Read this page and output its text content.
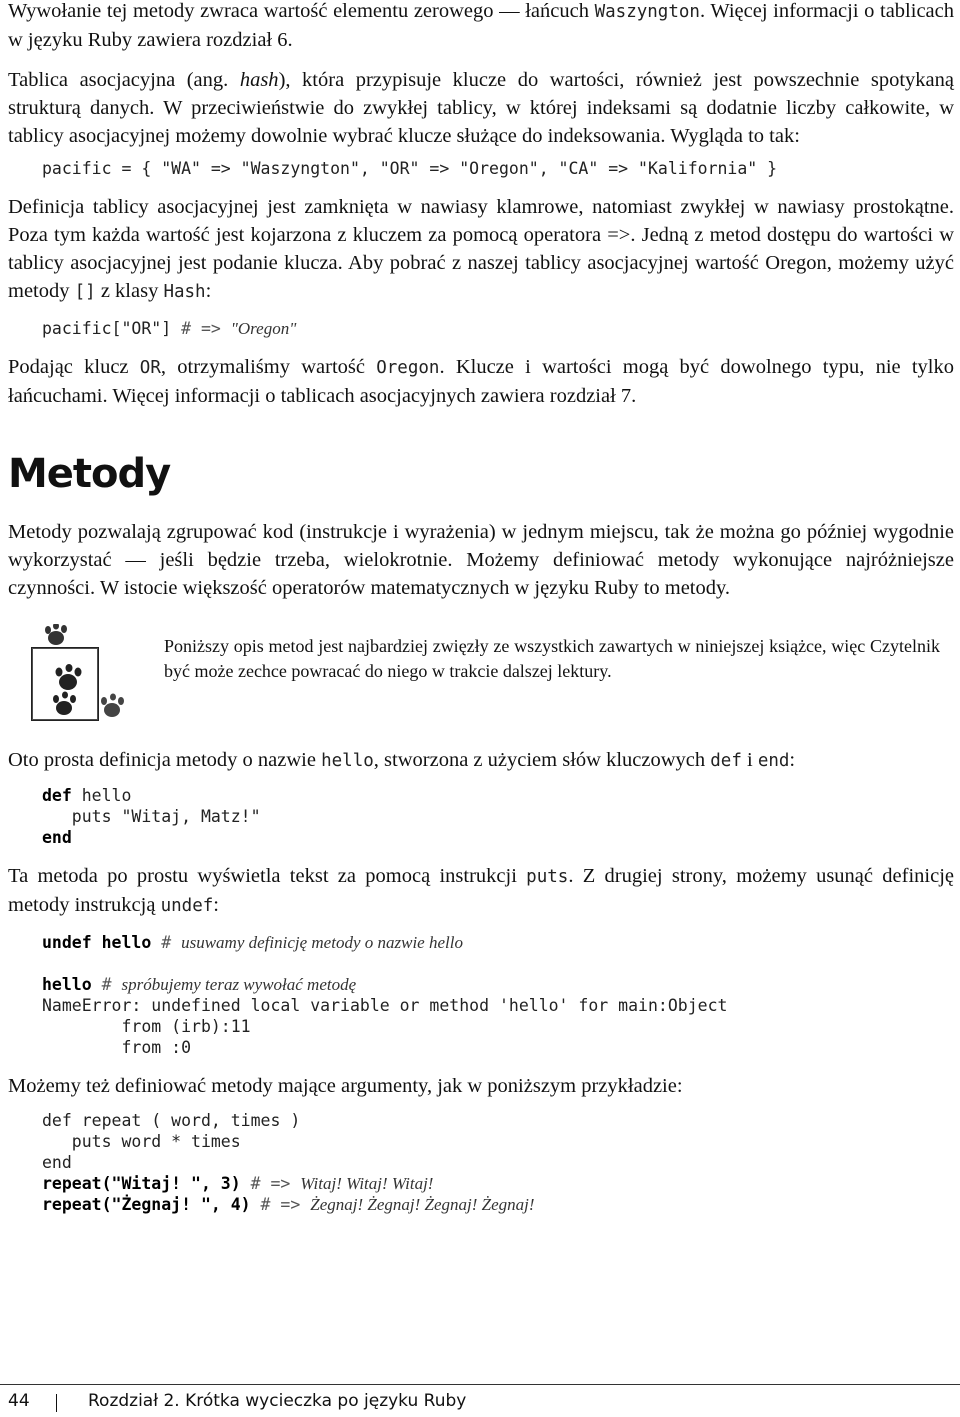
Wywołanie tej metody zwraca wartość elementu zerowego — łańcuch Waszyngton. Więcej informacji o tablicach w języku Ruby zawiera rozdział 6.

Tablica asocjacyjna (ang. hash), która przypisuje klucze do wartości, również jest powszechnie spotykaną strukturą danych. W przeciwieństwie do zwykłej tablicy, w której indeksami są dodatnie liczby całkowite, w tablicy asocjacyjnej możemy dowolnie wybrać klucze służące do indeksowania. Wygląda to tak:

pacific = { "WA" => "Waszyngton", "OR" => "Oregon", "CA" => "Kalifornia" }

Definicja tablicy asocjacyjnej jest zamknięta w nawiasy klamrowe, natomiast zwykłej w nawiasy prostokątne. Poza tym każda wartość jest kojarzona z kluczem za pomocą operatora =>. Jedną z metod dostępu do wartości w tablicy asocjacyjnej jest podanie klucza. Aby pobrać z naszej tablicy asocjacyjnej wartość Oregon, możemy użyć metody [] z klasy Hash:

pacific["OR"] # => "Oregon"

Podając klucz OR, otrzymaliśmy wartość Oregon. Klucze i wartości mogą być dowolnego typu, nie tylko łańcuchami. Więcej informacji o tablicach asocjacyjnych zawiera rozdział 7.

Metody

Metody pozwalają zgrupować kod (instrukcje i wyrażenia) w jednym miejscu, tak że można go później wygodnie wykorzystać — jeśli będzie trzeba, wielokrotnie. Możemy definiować metody wykonujące najróżniejsze czynności. W istocie większość operatorów matematycznych w języku Ruby to metody.

Poniższy opis metod jest najbardziej zwięzły ze wszystkich zawartych w niniejszej książce, więc Czytelnik być może zechce powracać do niego w trakcie dalszej lektury.

Oto prosta definicja metody o nazwie hello, stworzona z użyciem słów kluczowych def i end:

def hello
puts "Witaj, Matz!"
end

Ta metoda po prostu wyświetla tekst za pomocą instrukcji puts. Z drugiej strony, możemy usunąć definicję metody instrukcją undef:

undef hello # usuwamy definicję metody o nazwie hello

hello # spróbujemy teraz wywołać metodę
NameError: undefined local variable or method 'hello' for main:Object
from (irb):11
from :0

Możemy też definiować metody mające argumenty, jak w poniższym przykładzie:

def repeat ( word, times )
puts word * times
end
repeat("Witaj! ", 3) # => Witaj! Witaj! Witaj!
repeat("Żegnaj! ", 4) # => Żegnaj! Żegnaj! Żegnaj! Żegnaj!
44	Rozdział 2. Krótka wycieczka po języku Ruby
